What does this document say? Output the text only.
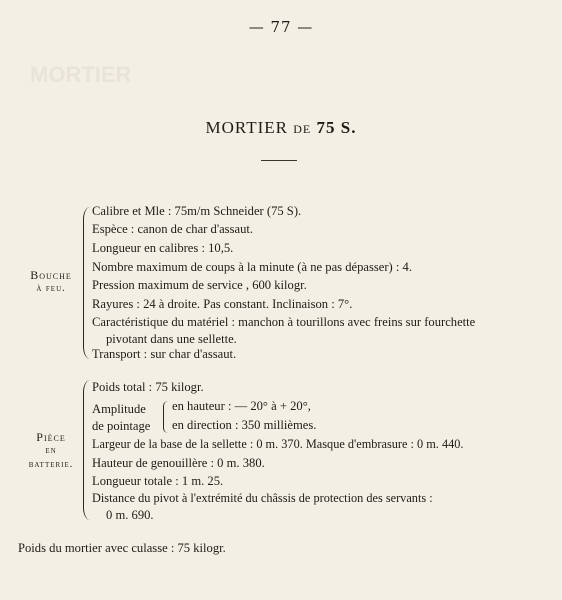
MORTIER
— 77 —
MORTIER DE 75 S.
Bouche
à feu.
Calibre et Mle : 75m/m Schneider (75 S).
Espèce : canon de char d'assaut.
Longueur en calibres : 10,5.
Nombre maximum de coups à la minute (à ne pas dépasser) : 4.
Pression maximum de service , 600 kilogr.
Rayures : 24 à droite. Pas constant. Inclinaison : 7°.
Caractéristique du matériel : manchon à tourillons avec freins sur fourchette
pivotant dans une sellette.
Transport : sur char d'assaut.
Pièce
en
batterie.
Poids total : 75 kilogr.
Amplitude
de pointage
en hauteur : — 20° à + 20°,
en direction : 350 millièmes.
Largeur de la base de la sellette : 0 m. 370. Masque d'embrasure : 0 m. 440.
Hauteur de genouillère : 0 m. 380.
Longueur totale : 1 m. 25.
Distance du pivot à l'extrémité du châssis de protection des servants :
0 m. 690.
Poids du mortier avec culasse : 75 kilogr.
